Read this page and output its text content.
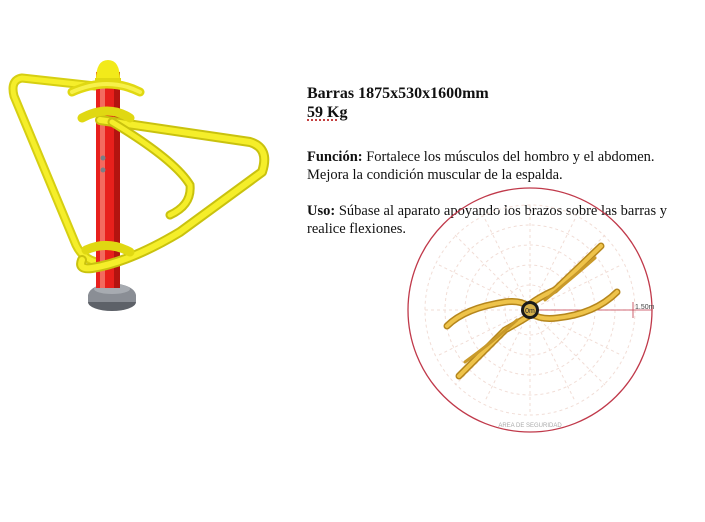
Barras 1875x530x1600mm

59 Kg

Función: Fortalece los músculos del hombro y el abdomen. Mejora la condición muscular de la espalda.

Uso: Súbase al aparato apoyando los brazos sobre las barras y realice flexiones.

0m
1.50m
AREA DE SEGURIDAD
